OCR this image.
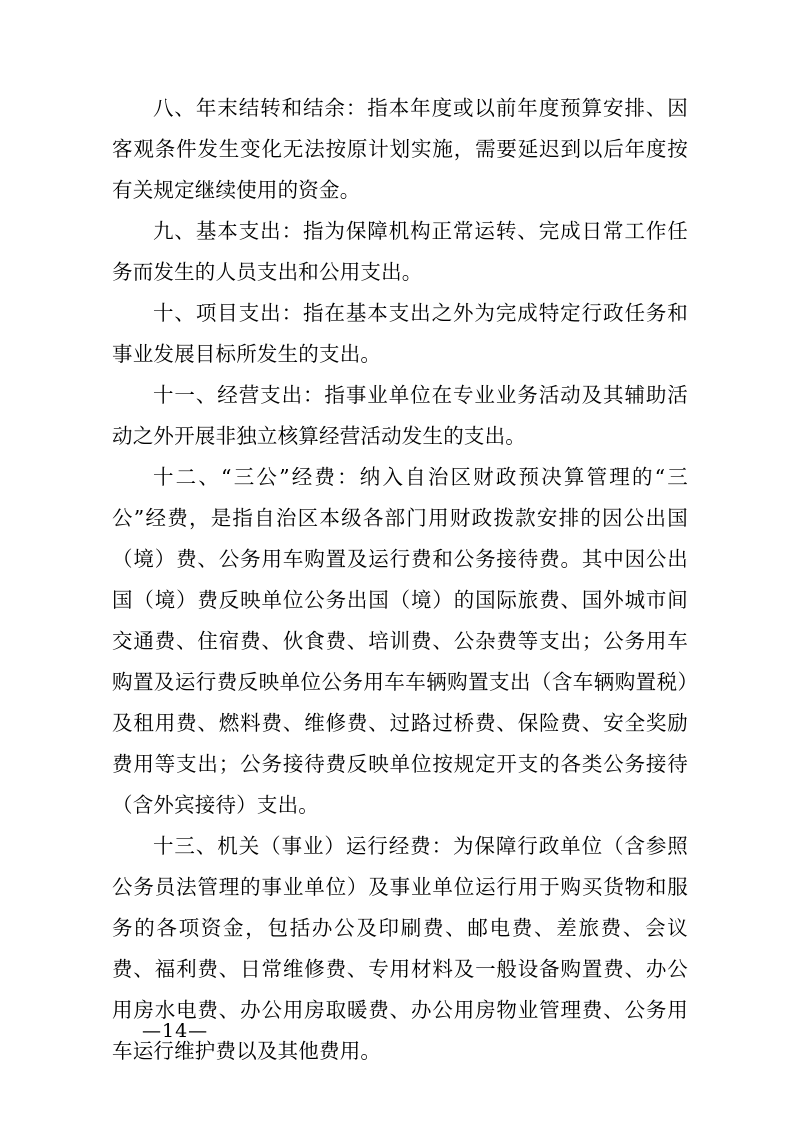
八、年末结转和结余：指本年度或以前年度预算安排、因客观条件发生变化无法按原计划实施，需要延迟到以后年度按有关规定继续使用的资金。

九、基本支出：指为保障机构正常运转、完成日常工作任务而发生的人员支出和公用支出。

十、项目支出：指在基本支出之外为完成特定行政任务和事业发展目标所发生的支出。

十一、经营支出：指事业单位在专业业务活动及其辅助活动之外开展非独立核算经营活动发生的支出。

十二、“三公”经费：纳入自治区财政预决算管理的“三公”经费，是指自治区本级各部门用财政拨款安排的因公出国（境）费、公务用车购置及运行费和公务接待费。其中因公出国（境）费反映单位公务出国（境）的国际旅费、国外城市间交通费、住宿费、伙食费、培训费、公杂费等支出；公务用车购置及运行费反映单位公务用车车辆购置支出（含车辆购置税）及租用费、燃料费、维修费、过路过桥费、保险费、安全奖励费用等支出；公务接待费反映单位按规定开支的各类公务接待（含外宾接待）支出。

十三、机关（事业）运行经费：为保障行政单位（含参照公务员法管理的事业单位）及事业单位运行用于购买货物和服务的各项资金，包括办公及印刷费、邮电费、差旅费、会议费、福利费、日常维修费、专用材料及一般设备购置费、办公用房水电费、办公用房取暖费、办公用房物业管理费、公务用车运行维护费以及其他费用。

—14—
